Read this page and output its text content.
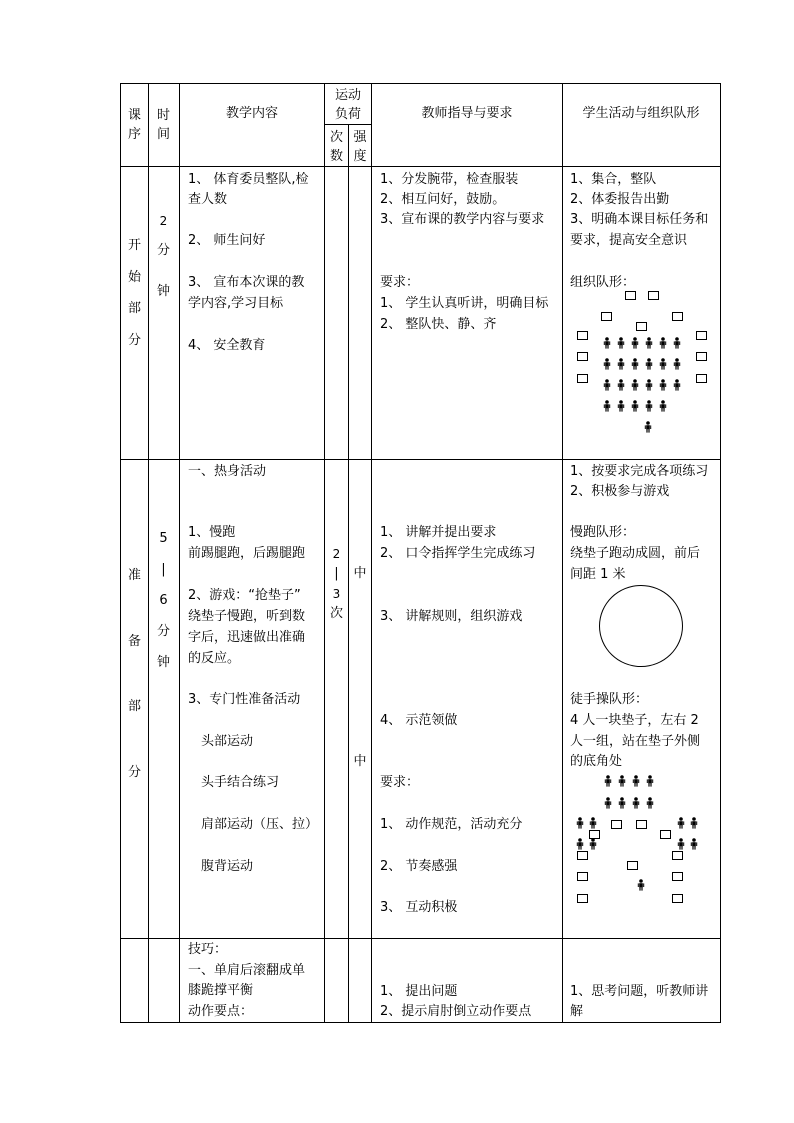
课
序
时
间
教学内容
运动
负荷
次
数
强
度
教师指导与要求	学生活动与组织队形
开
始
部
分
2
分
钟
1、 体育委员整队,检
查人数
2、 师生问好
3、 宣布本次课的教
学内容,学习目标
4、 安全教育
1、分发腕带，检查服装
2、相互问好，鼓励。
3、宣布课的教学内容与要求
要求：
1、 学生认真听讲，明确目标
2、 整队快、静、齐
1、集合，整队
2、体委报告出勤
3、明确本课目标任务和
要求，提高安全意识
组织队形：
准
备
部
分
5
|
6
分
钟
2
|
3
次
中
中
一、热身活动
1、慢跑
前踢腿跑，后踢腿跑
2、游戏：“抢垫子”
绕垫子慢跑，听到数
字后，迅速做出准确
的反应。
3、专门性准备活动
头部运动
头手结合练习
肩部运动（压、拉）
腹背运动
1、 讲解并提出要求
2、 口令指挥学生完成练习
3、 讲解规则，组织游戏
4、 示范领做
要求：
1、 动作规范，活动充分
2、 节奏感强
3、 互动积极
1、按要求完成各项练习
2、积极参与游戏
慢跑队形：
绕垫子跑动成圆，前后
间距 1 米
徒手操队形：
4 人一块垫子，左右 2
人一组，站在垫子外侧
的底角处
技巧：
一、单肩后滚翻成单
膝跪撑平衡
动作要点：
1、 提出问题
2、提示肩肘倒立动作要点
1、思考问题，听教师讲
解
